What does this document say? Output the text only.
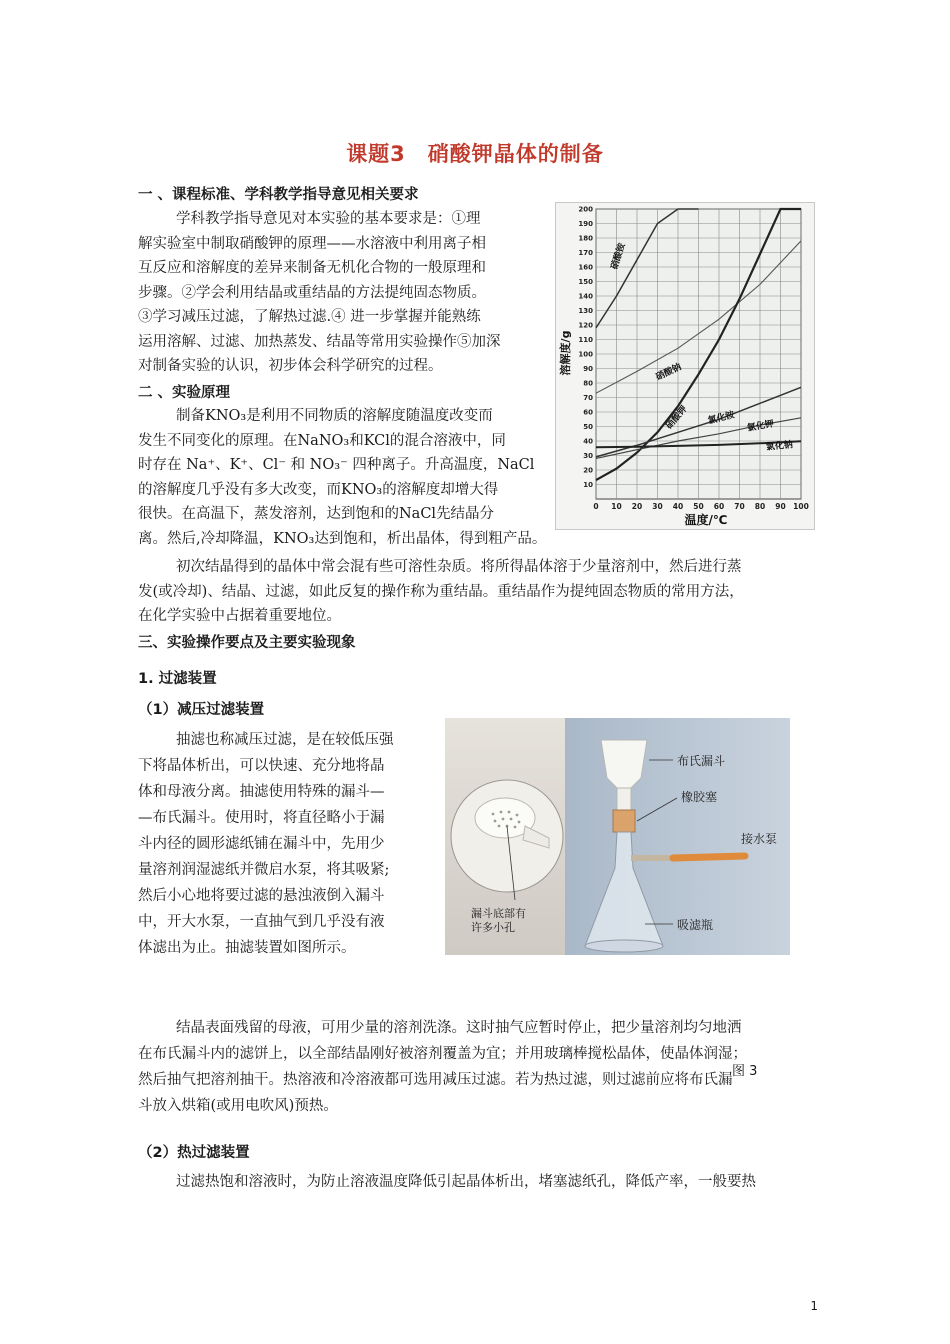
课题3　硝酸钾晶体的制备
一 、课程标准、学科教学指导意见相关要求
学科教学指导意见对本实验的基本要求是：①理
解实验室中制取硝酸钾的原理——水溶液中利用离子相
互反应和溶解度的差异来制备无机化合物的一般原理和
步骤。②学会利用结晶或重结晶的方法提纯固态物质。
③学习减压过滤，了解热过滤.④ 进一步掌握并能熟练
运用溶解、过滤、加热蒸发、结晶等常用实验操作⑤加深
对制备实验的认识，初步体会科学研究的过程。
二 、实验原理
制备KNO₃是利用不同物质的溶解度随温度改变而
发生不同变化的原理。在NaNO₃和KCl的混合溶液中，同
时存在 Na⁺、K⁺、Cl⁻ 和 NO₃⁻ 四种离子。升高温度，NaCl
的溶解度几乎没有多大改变，而KNO₃的溶解度却增大得
很快。在高温下，蒸发溶剂，达到饱和的NaCl先结晶分
离。然后,冷却降温，KNO₃达到饱和，析出晶体，得到粗产品。
初次结晶得到的晶体中常会混有些可溶性杂质。将所得晶体溶于少量溶剂中，然后进行蒸
发(或冷却)、结晶、过滤，如此反复的操作称为重结晶。重结晶作为提纯固态物质的常用方法，
在化学实验中占据着重要地位。
0 10 20 30 40 50 60 70 80 90 100
10
20
30
40
50
60
70
80
90
100
110
120
130
140
150
160
170
180
190
200
硝酸铵
硝酸钠
硝酸钾 氯化铵
氯化钾
氯化钠
溶解度/g
温度/℃
三、实验操作要点及主要实验现象
1. 过滤装置
（1）减压过滤装置
抽滤也称减压过滤，是在较低压强
下将晶体析出，可以快速、充分地将晶
体和母液分离。抽滤使用特殊的漏斗—
—布氏漏斗。使用时，将直径略小于漏
斗内径的圆形滤纸铺在漏斗中，先用少
量溶剂润湿滤纸并微启水泵，将其吸紧;
然后小心地将要过滤的悬浊液倒入漏斗
中，开大水泵，一直抽气到几乎没有液
体滤出为止。抽滤装置如图所示。
漏斗底部有
许多小孔
布氏漏斗
橡胶塞
接水泵
吸滤瓶
结晶表面残留的母液，可用少量的溶剂洗涤。这时抽气应暂时停止，把少量溶剂均匀地洒
在布氏漏斗内的滤饼上，以全部结晶刚好被溶剂覆盖为宜；并用玻璃棒搅松晶体，使晶体润湿；
然后抽气把溶剂抽干。热溶液和冷溶液都可选用减压过滤。若为热过滤，则过滤前应将布氏漏
斗放入烘箱(或用电吹风)预热。
图 3
（2）热过滤装置
过滤热饱和溶液时，为防止溶液温度降低引起晶体析出，堵塞滤纸孔，降低产率，一般要热
1
